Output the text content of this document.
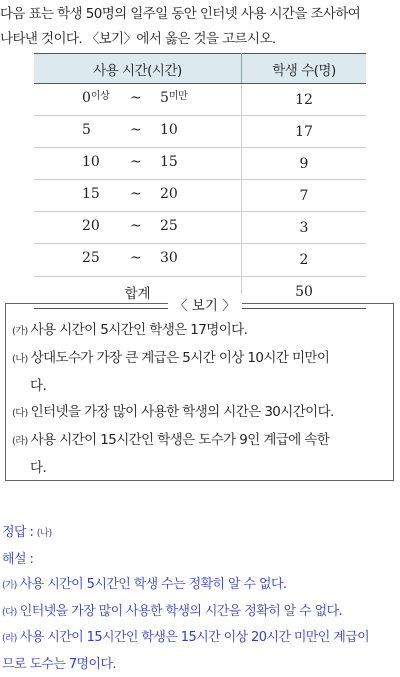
다음 표는 학생 50명의 일주일 동안 인터넷 사용 시간을 조사하여
나타낸 것이다. 〈보기〉에서 옳은 것을 고르시오.
사용 시간(시간)	학생 수(명)

$0^{이상}$ ~ $5^{미만}$	12

5 ~ 10	17

10 ~ 15	9

15 ~ 20	7

20 ~ 25	3

25 ~ 30	2
합계	50
〈 보기 〉
(가) 사용 시간이 5시간인 학생은 17명이다.
(나) 상대도수가 가장 큰 계급은 5시간 이상 10시간 미만이
다.
(다) 인터넷을 가장 많이 사용한 학생의 시간은 30시간이다.
(라) 사용 시간이 15시간인 학생은 도수가 9인 계급에 속한
다.
정답 : (나)
해설 :
(가) 사용 시간이 5시간인 학생 수는 정확히 알 수 없다.
(다) 인터넷을 가장 많이 사용한 학생의 시간을 정확히 알 수 없다.
(라) 사용 시간이 15시간인 학생은 15시간 이상 20시간 미만인 계급이
므로 도수는 7명이다.
